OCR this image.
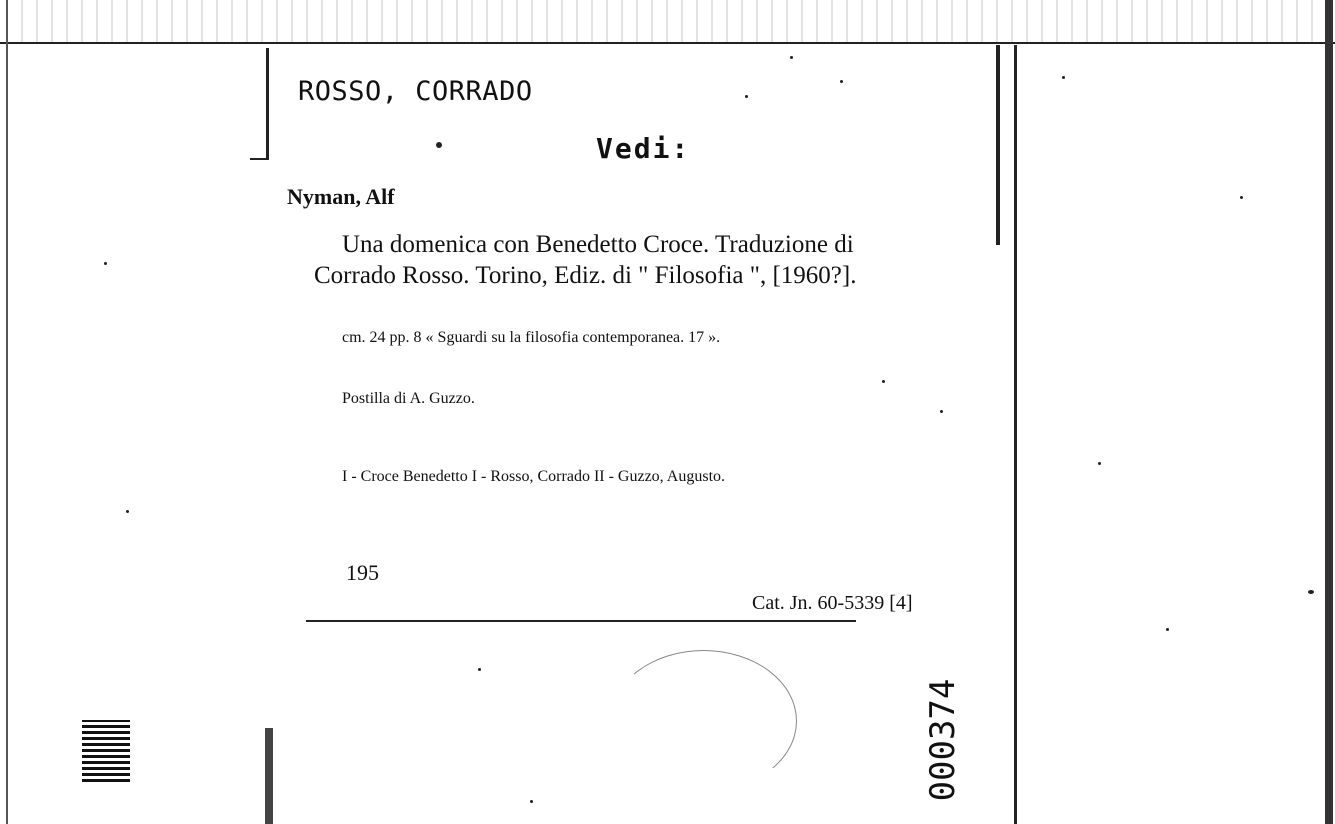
ROSSO, CORRADO
Vedi:
Nyman, Alf
Una domenica con Benedetto Croce. Traduzione di
Corrado Rosso. Torino, Ediz. di " Filosofia ", [1960?].
cm. 24 pp. 8 « Sguardi su la filosofia contemporanea. 17 ».
Postilla di A. Guzzo.
I - Croce Benedetto I - Rosso, Corrado II - Guzzo, Augusto.
195
Cat. Jn. 60-5339 [4]
000374
